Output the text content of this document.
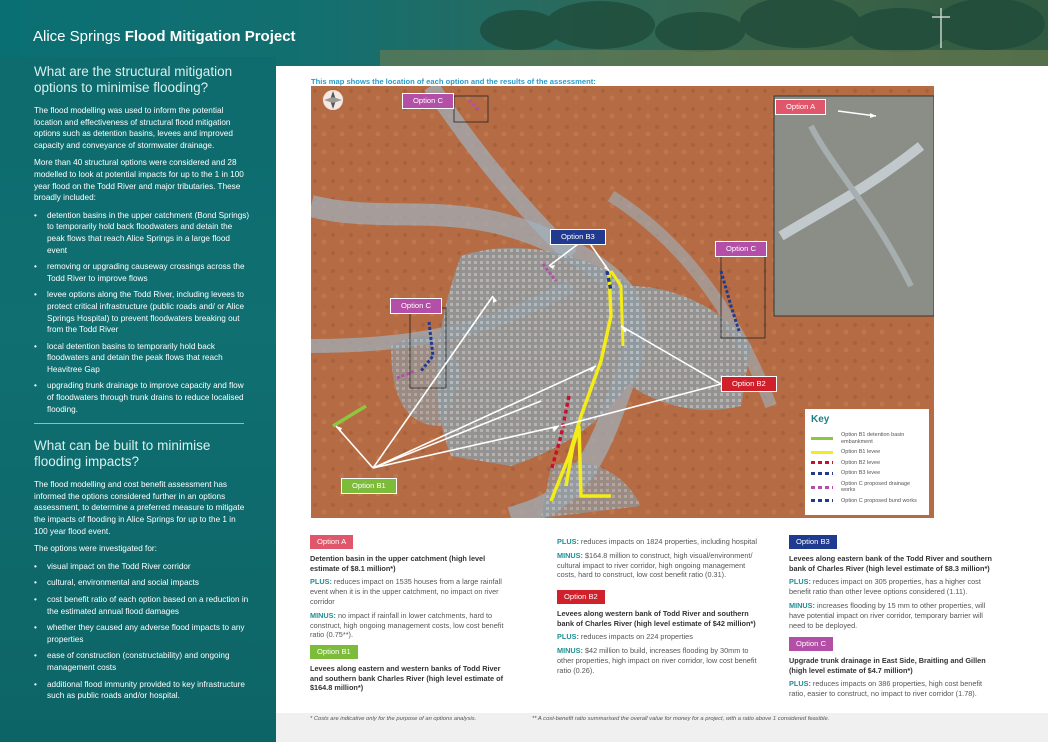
Alice Springs Flood Mitigation Project
What are the structural mitigation options to minimise flooding?

The flood modelling was used to inform the potential location and effectiveness of structural flood mitigation options such as detention basins, levees and improved capacity and conveyance of stormwater drainage.

More than 40 structural options were considered and 28 modelled to look at potential impacts for up to the 1 in 100 year flood on the Todd River and major tributaries. These broadly included:

• detention basins in the upper catchment (Bond Springs) to temporarily hold back floodwaters and detain the peak flows that reach Alice Springs in a large flood event
• removing or upgrading causeway crossings across the Todd River to improve flows
• levee options along the Todd River, including levees to protect critical infrastructure (public roads and/ or Alice Springs Hospital) to prevent floodwaters breaking out from the Todd River
• local detention basins to temporarily hold back floodwaters and detain the peak flows that reach Heavitree Gap
• upgrading trunk drainage to improve capacity and flow of floodwaters through trunk drains to reduce localised flooding.
What can be built to minimise flooding impacts?

The flood modelling and cost benefit assessment has informed the options considered further in an options assessment, to determine a preferred measure to mitigate the impacts of flooding in Alice Springs for up to the 1 in 100 year flood event.

The options were investigated for:

• visual impact on the Todd River corridor
• cultural, environmental and social impacts
• cost benefit ratio of each option based on a reduction in the estimated annual flood damages
• whether they caused any adverse flood impacts to any properties
• ease of construction (constructability) and ongoing management costs
• additional flood immunity provided to key infrastructure such as public roads and/or hospital.
This map shows the location of each option and the results of the assessment:
Option C
Option A
Option B3
Option C
Option C
Option B2
Option B1
Key
Option B1 detention basin embankment
Option B1 levee
Option B2 levee
Option B3 levee
Option C proposed drainage works
Option C proposed bund works
Option A
Detention basin in the upper catchment (high level estimate of $8.1 million*)
PLUS: reduces impact on 1535 houses from a large rainfall event when it is in the upper catchment, no impact on river corridor
MINUS: no impact if rainfall in lower catchments, hard to construct, high ongoing management costs, low cost benefit ratio (0.75**).
Option B1
Levees along eastern and western banks of Todd River and southern bank Charles River (high level estimate of $164.8 million*)
PLUS: reduces impacts on 1824 properties, including hospital
MINUS: $164.8 million to construct, high visual/environment/ cultural impact to river corridor, high ongoing management costs, hard to construct, low cost benefit ratio (0.31).
Option B2
Levees along western bank of Todd River and southern bank of Charles River (high level estimate of $42 million*)
PLUS: reduces impacts on 224 properties
MINUS: $42 million to build, increases flooding by 30mm to other properties, high impact on river corridor, low cost benefit ratio (0.26).
Option B3
Levees along eastern bank of the Todd River and southern bank of Charles River (high level estimate of $8.3 million*)
PLUS: reduces impact on 305 properties, has a higher cost benefit ratio than other levee options considered (1.11).
MINUS: increases flooding by 15 mm to other properties, will have potential impact on river corridor, temporary barrier will need to be deployed.
Option C
Upgrade trunk drainage in East Side, Braitling and Gillen (high level estimate of $4.7 million*)
PLUS: reduces impacts on 386 properties, high cost benefit ratio, easier to construct, no impact to river corridor (1.78).
* Costs are indicative only for the purpose of an options analysis.	** A cost-benefit ratio summarised the overall value for money for a project, with a ratio above 1 considered feasible.
